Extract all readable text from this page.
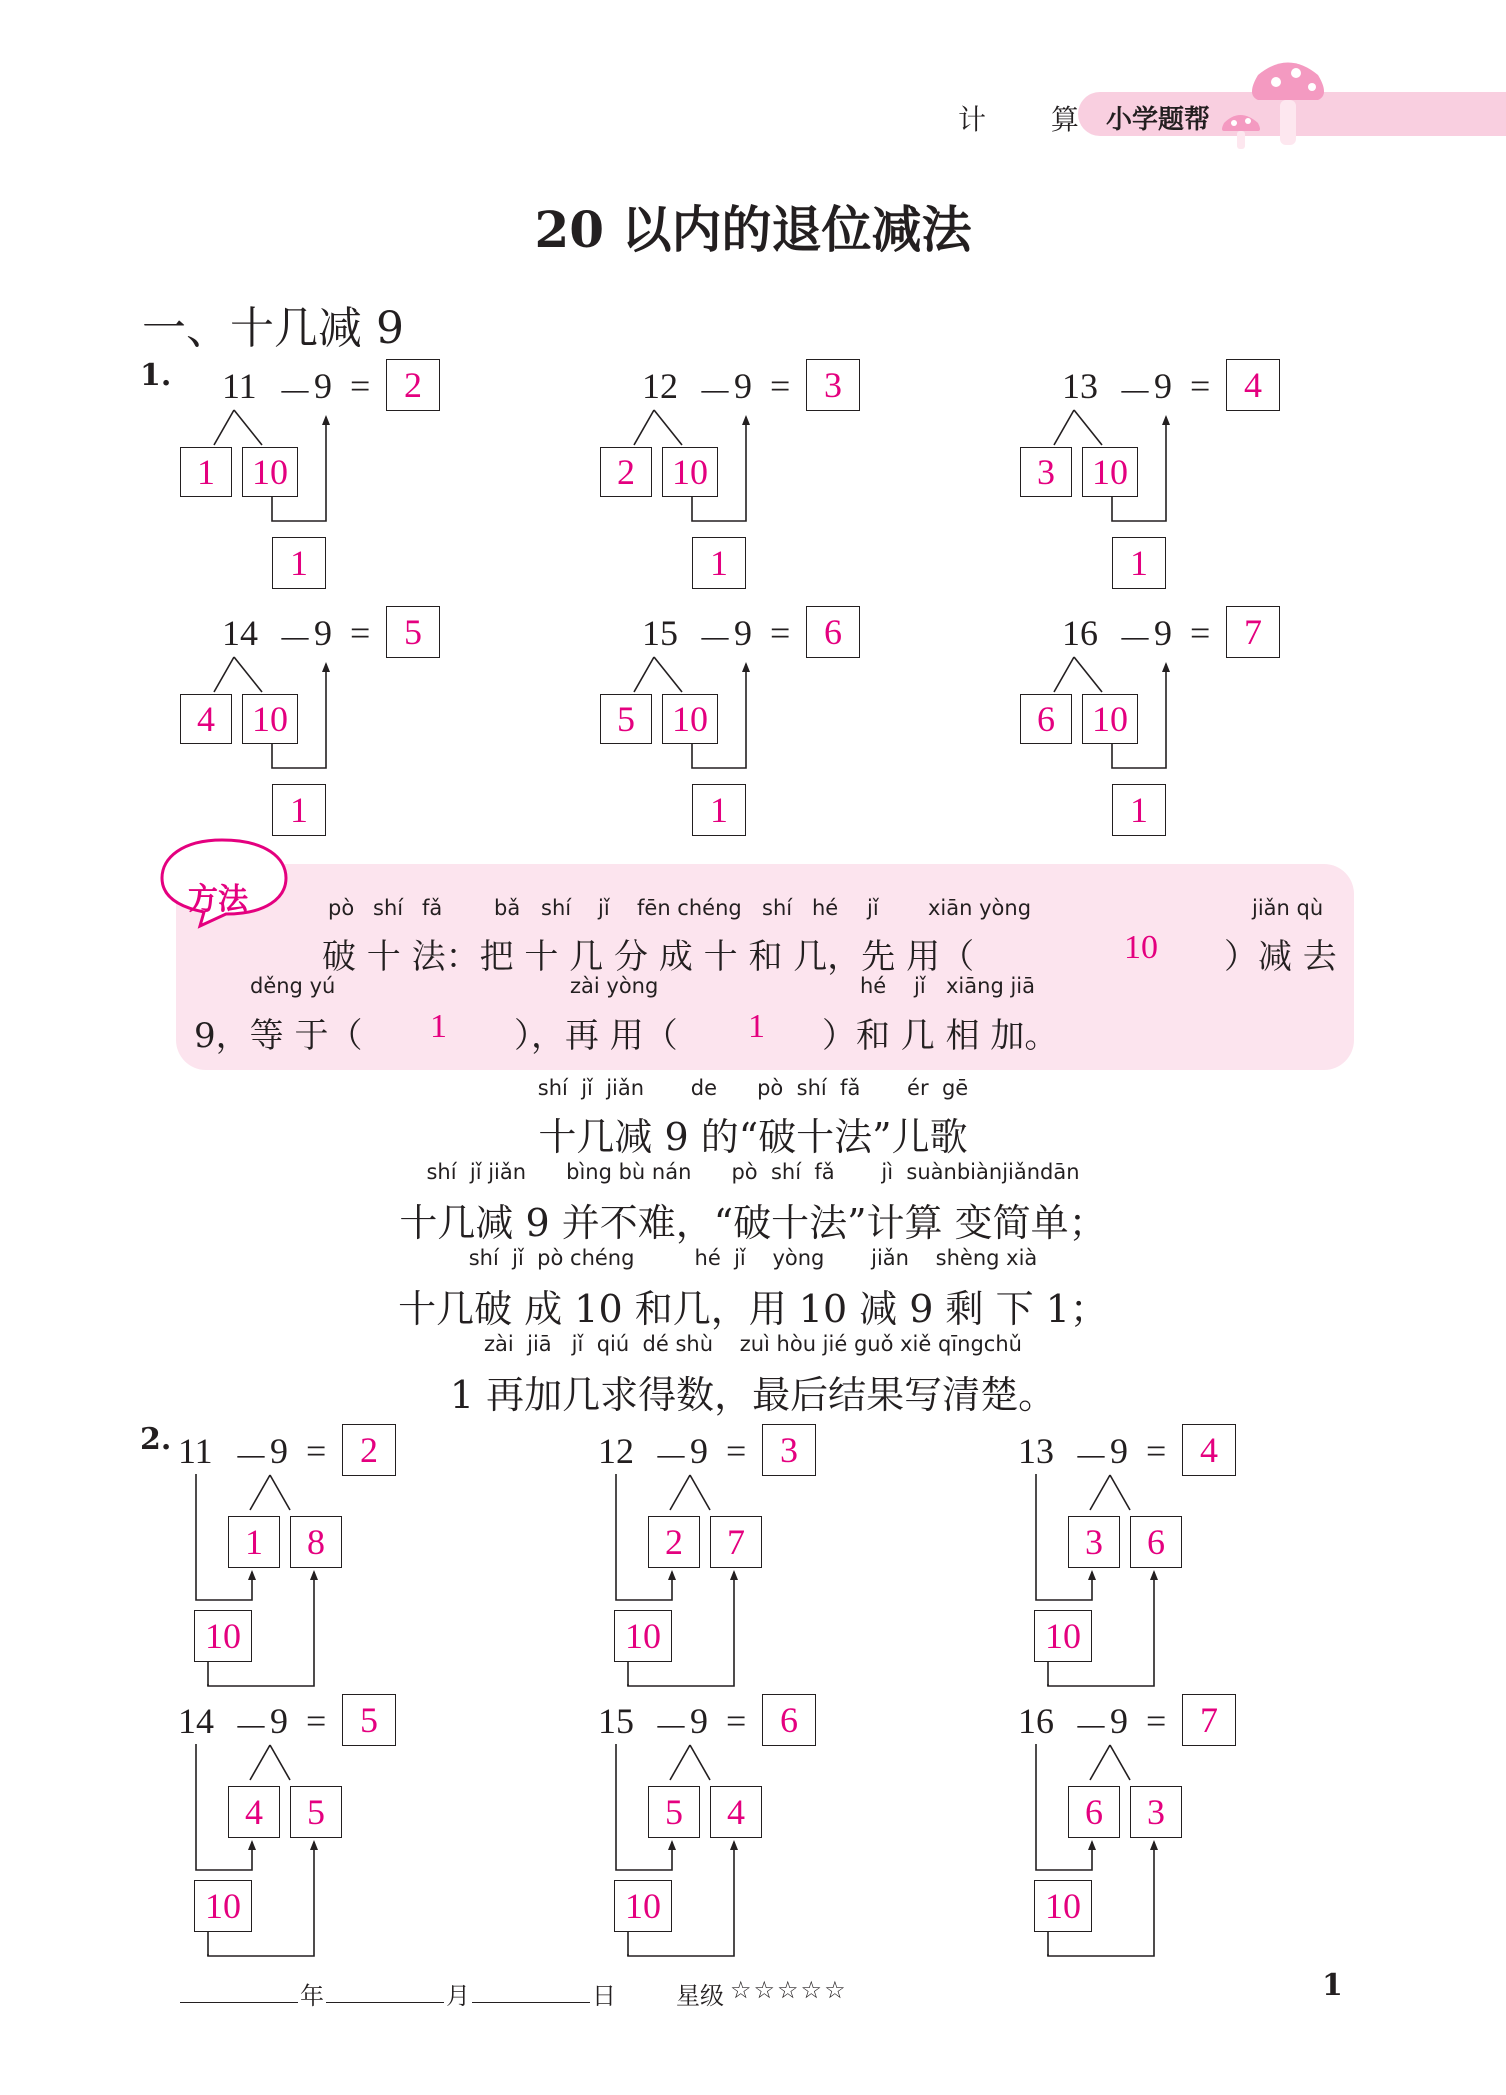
计 算 小学题帮
20 以内的退位减法
一、十几减 9
1. 11 － 9 = 2
1	10
1
12 － 9 = 3
2	10
1
13 － 9 = 4
3	10
1
14 － 9 = 5
4	10
1
15 － 9 = 6
5	10
1
16 － 9 = 7
6	10
1
方法	pò shí fǎ bǎ shí jǐ fēn chéng shí hé jǐ xiān yòng	jiǎn qù
破 十 法：把 十 几 分 成 十 和 几，先 用（	10 ）减 去
děng yú	zài yòng	hé jǐ xiāng jiā
9，等 于（ 1 ），再 用（ 1 ）和 几 相 加。
shí  jǐ  jiǎn       de      pò  shí  fǎ       ér  gē
十几减 9 的“破十法”儿歌
shí  jǐ jiǎn      bìng bù nán      pò  shí  fǎ       jì  suànbiànjiǎndān
十几减 9 并不难，“破十法”计算 变简单；
shí  jǐ  pò chéng         hé  jǐ    yòng       jiǎn    shèng xià
十几破 成 10 和几，用 10 减 9 剩 下 1；
zài  jiā   jǐ  qiú  dé shù    zuì hòu jié guǒ xiě qīngchǔ
1 再加几求得数，最后结果写清楚。
2. 11 － 9 = 2
1	8
10
12 － 9 = 3
2	7
10
13 － 9 = 4
3	6
10
14 － 9 = 5
4	5
10
15 － 9 = 6
5	4
10
16 － 9 = 7
6	3
10
年	月	日	星级 ☆☆☆☆☆	1
